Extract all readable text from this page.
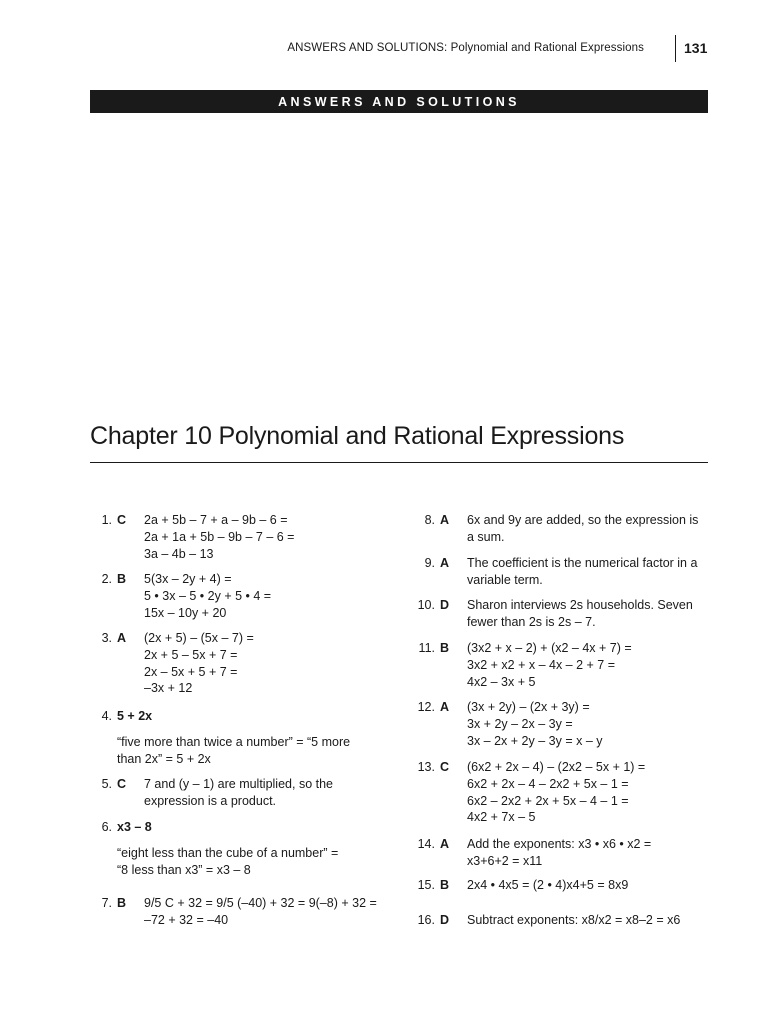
ANSWERS AND SOLUTIONS: Polynomial and Rational Expressions	131
ANSWERS AND SOLUTIONS
Chapter 10 Polynomial and Rational Expressions
1. C 2a + 5b – 7 + a – 9b – 6 =
2a + 1a + 5b – 9b – 7 – 6 =
3a – 4b – 13
2. B 5(3x – 2y + 4) =
5 • 3x – 5 • 2y + 5 • 4 =
15x – 10y + 20
3. A (2x + 5) – (5x – 7) =
2x + 5 – 5x + 7 =
2x – 5x + 5 + 7 =
–3x + 12
4. 5 + 2x
“five more than twice a number” = “5 more
than 2x” = 5 + 2x
5. C 7 and (y – 1) are multiplied, so the
expression is a product.
6. x3 – 8
“eight less than the cube of a number” =
“8 less than x3” = x3 – 8
7. B 9/5 C + 32 = 9/5 (–40) + 32 = 9(–8) + 32 =
–72 + 32 = –40
8. A 6x and 9y are added, so the expression is
a sum.
9. A The coefficient is the numerical factor in a
variable term.
10. D Sharon interviews 2s households. Seven
fewer than 2s is 2s – 7.
11. B (3x2 + x – 2) + (x2 – 4x + 7) =
3x2 + x2 + x – 4x – 2 + 7 =
4x2 – 3x + 5
12. A (3x + 2y) – (2x + 3y) =
3x + 2y – 2x – 3y =
3x – 2x + 2y – 3y = x – y
13. C (6x2 + 2x – 4) – (2x2 – 5x + 1) =
6x2 + 2x – 4 – 2x2 + 5x – 1 =
6x2 – 2x2 + 2x + 5x – 4 – 1 =
4x2 + 7x – 5
14. A Add the exponents: x3 • x6 • x2 =
x3+6+2 = x11
15. B 2x4 • 4x5 = (2 • 4)x4+5 = 8x9
16. D Subtract exponents: x8/x2 = x8–2 = x6
